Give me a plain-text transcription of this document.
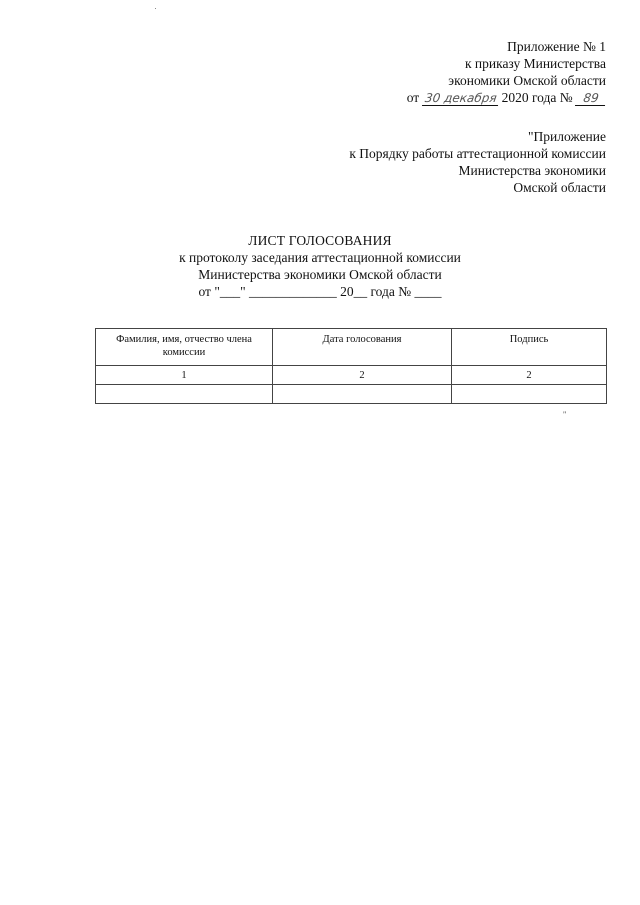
Приложение № 1
к приказу Министерства
экономики Омской области
от 30 декабря 2020 года № 89
"Приложение
к Порядку работы аттестационной комиссии
Министерства экономики
Омской области
ЛИСТ ГОЛОСОВАНИЯ
к протоколу заседания аттестационной комиссии
Министерства экономики Омской области
от "___" _____________ 20__ года № ____
Фамилия, имя, отчество члена комиссии	Дата голосования	Подпись
1	2	2

"
